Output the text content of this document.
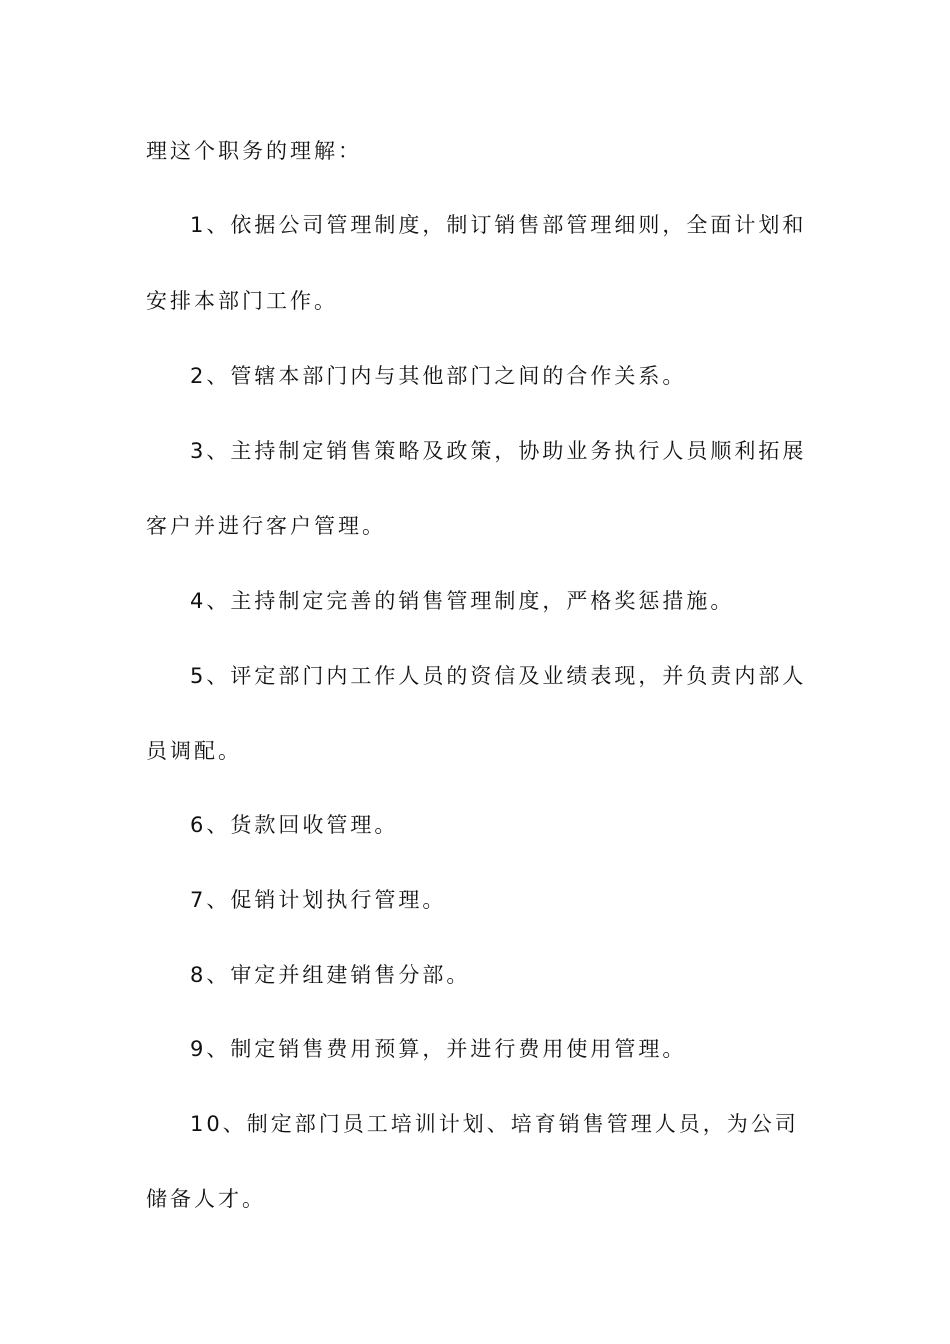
理这个职务的理解：

1、依据公司管理制度，制订销售部管理细则，全面计划和

安排本部门工作。

2、管辖本部门内与其他部门之间的合作关系。

3、主持制定销售策略及政策，协助业务执行人员顺利拓展

客户并进行客户管理。

4、主持制定完善的销售管理制度，严格奖惩措施。

5、评定部门内工作人员的资信及业绩表现，并负责内部人

员调配。

6、货款回收管理。

7、促销计划执行管理。

8、审定并组建销售分部。

9、制定销售费用预算，并进行费用使用管理。

10、制定部门员工培训计划、培育销售管理人员，为公司

储备人才。
